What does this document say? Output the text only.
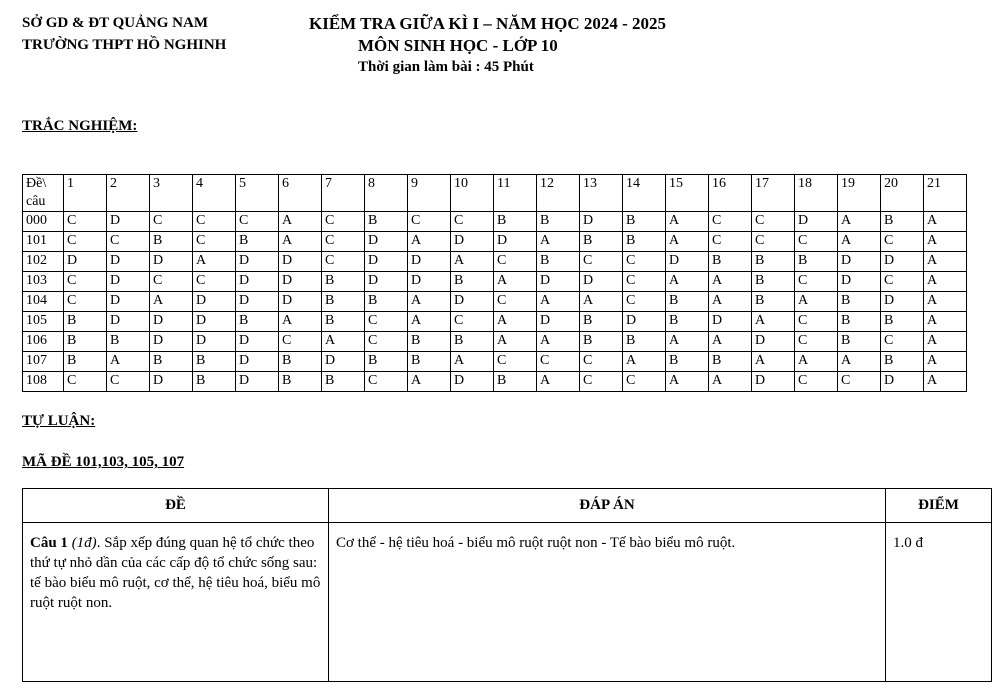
SỞ GD & ĐT QUẢNG NAM
TRƯỜNG THPT HỒ NGHINH
KIỂM TRA GIỮA KÌ I – NĂM HỌC 2024 - 2025
MÔN SINH HỌC - LỚP 10
Thời gian làm bài : 45 Phút
TRẮC NGHIỆM:
Đề\ câu	1	2	3	4	5	6	7	8	9	10	11	12	13	14	15	16	17	18	19	20	21
000	C	D	C	C	C	A	C	B	C	C	B	B	D	B	A	C	C	D	A	B	A
101	C	C	B	C	B	A	C	D	A	D	D	A	B	B	A	C	C	C	A	C	A
102	D	D	D	A	D	D	C	D	D	A	C	B	C	C	D	B	B	B	D	D	A
103	C	D	C	C	D	D	B	D	D	B	A	D	D	C	A	A	B	C	D	C	A
104	C	D	A	D	D	D	B	B	A	D	C	A	A	C	B	A	B	A	B	D	A
105	B	D	D	D	B	A	B	C	A	C	A	D	B	D	B	D	A	C	B	B	A
106	B	B	D	D	D	C	A	C	B	B	A	A	B	B	A	A	D	C	B	C	A
107	B	A	B	B	D	B	D	B	B	A	C	C	C	A	B	B	A	A	A	B	A
108	C	C	D	B	D	B	B	C	A	D	B	A	C	C	A	A	D	C	C	D	A
TỰ LUẬN:
MÃ ĐỀ 101,103, 105, 107
ĐỀ	ĐÁP ÁN	ĐIỂM
Câu 1 (1đ). Sắp xếp đúng quan hệ tổ chức theo thứ tự nhỏ dần của các cấp độ tổ chức sống sau: tế bào biểu mô ruột, cơ thể, hệ tiêu hoá, biểu mô ruột ruột non.	Cơ thể - hệ tiêu hoá - biểu mô ruột ruột non - Tế bào biểu mô ruột.	1.0 đ
